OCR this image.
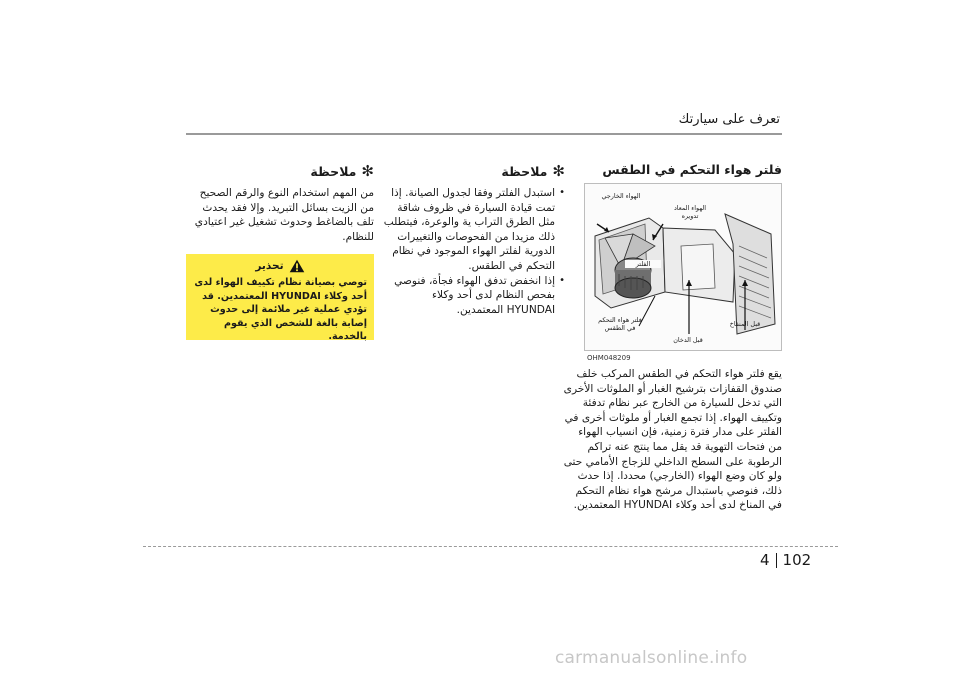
تعرف على سيارتك
فلتر هواء التحكم في الطقس
الهواء الخارجي
الهواء المعاد
تدويره
الفلتر
فلتر هواء التحكم
في الطقس	قبل المنفاخ
قبل الدخان
OHM048209

يقع فلتر هواء التحكم في الطقس المركب خلف صندوق القفازات بترشيح الغبار أو الملوثات الأخرى التي تدخل للسيارة من الخارج عبر نظام تدفئة وتكييف الهواء. إذا تجمع الغبار أو ملوثات أخرى في الفلتر على مدار فترة زمنية، فإن انسياب الهواء من فتحات التهوية قد يقل مما ينتج عنه تراكم الرطوبة على السطح الداخلي للزجاج الأمامي حتى ولو كان وضع الهواء (الخارجي) محددا. إذا حدث ذلك، فنوصي باستبدال مرشح هواء نظام التحكم في المناخ لدى أحد وكلاء HYUNDAI المعتمدين.

✻
ملاحظة
•

استبدل الفلتر وفقا لجدول الصيانة. إذا تمت قيادة السيارة في ظروف شاقة مثل الطرق التراب ية والوعرة، فيتطلب ذلك مزيدا من الفحوصات والتغييرات الدورية لفلتر الهواء الموجود في نظام التحكم في الطقس.

•

إذا انخفض تدفق الهواء فجأة، فنوصي بفحص النظام لدى أحد وكلاء HYUNDAI المعتمدين.

✻
ملاحظة

من المهم استخدام النوع والرقم الصحيح من الزيت بسائل التبريد. وإلا فقد يحدث تلف بالضاغط وحدوث تشغيل غير اعتيادي للنظام.

تحذير

توصي بصيانة نظام تكييف الهواء لدى أحد وكلاء HYUNDAI المعتمدين. قد تؤدي عملية غير ملائمة إلى حدوث إصابة بالغة للشخص الذي يقوم بالخدمة.

4 102
carmanualsonline.info
